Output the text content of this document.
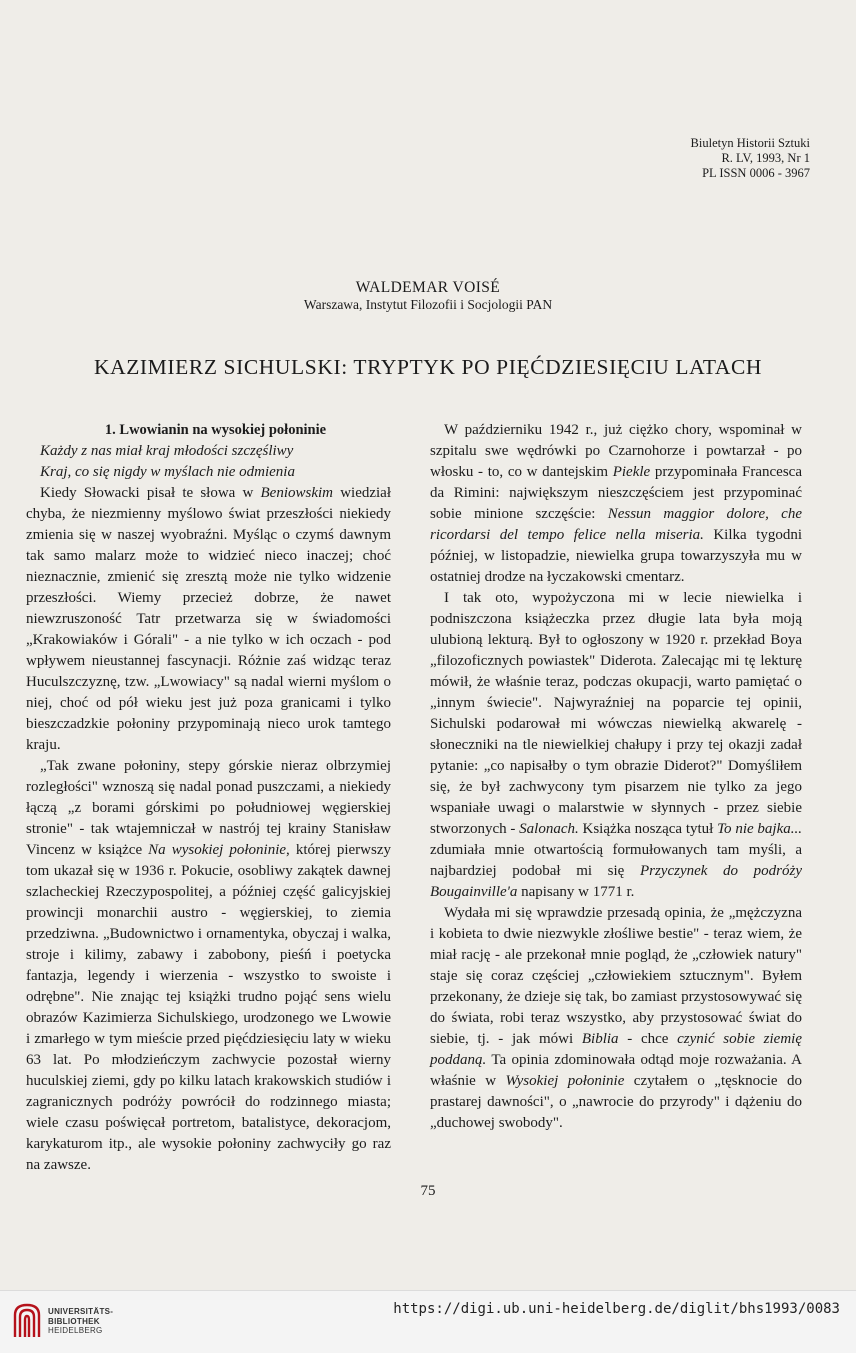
Biuletyn Historii Sztuki
R. LV, 1993, Nr 1
PL ISSN 0006 - 3967
WALDEMAR VOISÉ
Warszawa, Instytut Filozofii i Socjologii PAN
KAZIMIERZ SICHULSKI: TRYPTYK PO PIĘĆDZIESIĘCIU LATACH

1. Lwowianin na wysokiej połoninie

Każdy z nas miał kraj młodości szczęśliwy

Kraj, co się nigdy w myślach nie odmienia

Kiedy Słowacki pisał te słowa w Beniowskim wiedział chyba, że niezmienny myślowo świat przeszłości niekiedy zmienia się w naszej wyobraźni. Myśląc o czymś dawnym tak samo malarz może to widzieć nieco inaczej; choć nieznacznie, zmienić się zresztą może nie tylko widzenie przeszłości. Wiemy przecież dobrze, że nawet niewzruszoność Tatr przetwarza się w świadomości „Krakowiaków i Górali" - a nie tylko w ich oczach - pod wpływem nieustannej fascynacji. Różnie zaś widząc teraz Huculszczyznę, tzw. „Lwowiacy" są nadal wierni myślom o niej, choć od pół wieku jest już poza granicami i tylko bieszczadzkie połoniny przypominają nieco urok tamtego kraju.

„Tak zwane połoniny, stepy górskie nieraz olbrzymiej rozległości" wznoszą się nadal ponad puszczami, a niekiedy łączą „z borami górskimi po południowej węgierskiej stronie" - tak wtajemniczał w nastrój tej krainy Stanisław Vincenz w książce Na wysokiej połoninie, której pierwszy tom ukazał się w 1936 r. Pokucie, osobliwy zakątek dawnej szlacheckiej Rzeczypospolitej, a później część galicyjskiej prowincji monarchii austro - węgierskiej, to ziemia przedziwna. „Budownictwo i ornamentyka, obyczaj i walka, stroje i kilimy, zabawy i zabobony, pieśń i poetycka fantazja, legendy i wierzenia - wszystko to swoiste i odrębne". Nie znając tej książki trudno pojąć sens wielu obrazów Kazimierza Sichulskiego, urodzonego we Lwowie i zmarłego w tym mieście przed pięćdziesięciu laty w wieku 63 lat. Po młodzieńczym zachwycie pozostał wierny huculskiej ziemi, gdy po kilku latach krakowskich studiów i zagranicznych podróży powrócił do rodzinnego miasta; wiele czasu poświęcał portretom, batalistyce, dekoracjom, karykaturom itp., ale wysokie połoniny zachwyciły go raz na zawsze.

W październiku 1942 r., już ciężko chory, wspominał w szpitalu swe wędrówki po Czarnohorze i powtarzał - po włosku - to, co w dantejskim Piekle przypominała Francesca da Rimini: największym nieszczęściem jest przypominać sobie minione szczęście: Nessun maggior dolore, che ricordarsi del tempo felice nella miseria. Kilka tygodni później, w listopadzie, niewielka grupa towarzyszyła mu w ostatniej drodze na łyczakowski cmentarz.

I tak oto, wypożyczona mi w lecie niewielka i podniszczona książeczka przez długie lata była moją ulubioną lekturą. Był to ogłoszony w 1920 r. przekład Boya „filozoficznych powiastek" Diderota. Zalecając mi tę lekturę mówił, że właśnie teraz, podczas okupacji, warto pamiętać o „innym świecie". Najwyraźniej na poparcie tej opinii, Sichulski podarował mi wówczas niewielką akwarelę - słoneczniki na tle niewielkiej chałupy i przy tej okazji zadał pytanie: „co napisałby o tym obrazie Diderot?" Domyśliłem się, że był zachwycony tym pisarzem nie tylko za jego wspaniałe uwagi o malarstwie w słynnych - przez siebie stworzonych - Salonach. Książka nosząca tytuł To nie bajka... zdumiała mnie otwartością formułowanych tam myśli, a najbardziej podobał mi się Przyczynek do podróży Bougainville'a napisany w 1771 r.

Wydała mi się wprawdzie przesadą opinia, że „mężczyzna i kobieta to dwie niezwykle złośliwe bestie" - teraz wiem, że miał rację - ale przekonał mnie pogląd, że „człowiek natury" staje się coraz częściej „człowiekiem sztucznym". Byłem przekonany, że dzieje się tak, bo zamiast przystosowywać się do świata, robi teraz wszystko, aby przystosować świat do siebie, tj. - jak mówi Biblia - chce czynić sobie ziemię poddaną. Ta opinia zdominowała odtąd moje rozważania. A właśnie w Wysokiej połoninie czytałem o „tęsknocie do prastarej dawności", o „nawrocie do przyrody" i dążeniu do „duchowej swobody".

75
UNIVERSITÄTS-
BIBLIOTHEK
HEIDELBERG
https://digi.ub.uni-heidelberg.de/diglit/bhs1993/0083
